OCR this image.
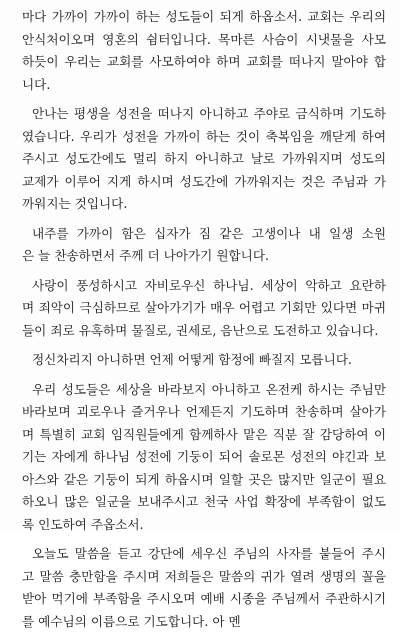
마다 가까이 가까이 하는 성도들이 되게 하옵소서. 교회는 우리의
안식처이오며 영혼의 쉼터입니다. 목마른 사슴이 시냇물을 사모
하듯이 우리는 교회를 사모하여야 하며 교회를 떠나지 말아야 합
니다.
안나는 평생을 성전을 떠나지 아니하고 주야로 금식하며 기도하
였습니다. 우리가 성전을 가까이 하는 것이 축복임을 깨닫게 하여
주시고 성도간에도 멀리 하지 아니하고 날로 가까워지며 성도의
교제가 이루어 지게 하시며 성도간에 가까워지는 것은 주님과 가
까워지는 것입니다.
내주를 가까이 함은 십자가 짐 같은 고생이나 내 일생 소원
은 늘 찬송하면서 주께 더 나아가기 원합니다.
사랑이 풍성하시고 자비로우신 하나님. 세상이 악하고 요란하
며 죄악이 극심하므로 살아가기가 매우 어렵고 기회만 있다면 마귀
들이 죄로 유혹하며 물질로, 권세로, 음난으로 도전하고 있습니다.
정신차리지 아니하면 언제 어떻게 함정에 빠질지 모릅니다.
우리 성도들은 세상을 바라보지 아니하고 온전케 하시는 주님만
바라보며 괴로우나 즐거우나 언제든지 기도하며 찬송하며 살아가
며 특별히 교회 임직원들에게 함께하사 맡은 직분 잘 감당하여 이
기는 자에게 하나님 성전에 기둥이 되어 솔로몬 성전의 야긴과 보
아스와 같은 기둥이 되게 하옵시며 일할 곳은 많지만 일군이 필요
하오니 많은 일군을 보내주시고 천국 사업 확장에 부족함이 없도
록 인도하여 주옵소서.
오늘도 말씀을 듣고 강단에 세우신 주님의 사자를 붙들어 주시
고 말씀 충만함을 주시며 저희들은 말씀의 귀가 열려 생명의 꼴을
받아 먹기에 부족함을 주시오며 예배 시종을 주님께서 주관하시기
를 예수님의 이름으로 기도합니다. 아 멘
